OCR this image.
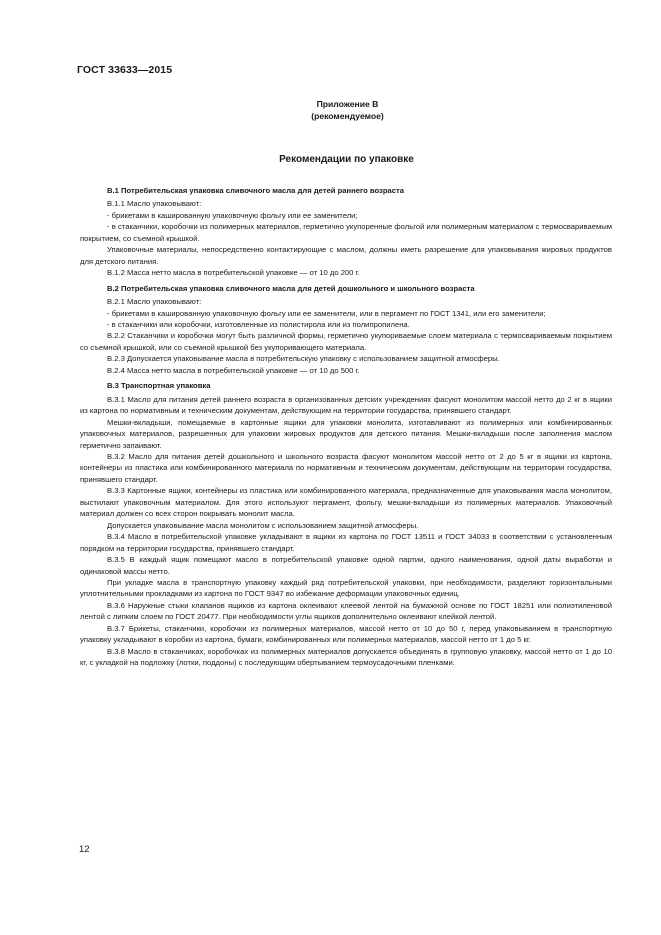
ГОСТ 33633—2015
Приложение В
(рекомендуемое)
Рекомендации по упаковке
В.1 Потребительская упаковка сливочного масла для детей раннего возраста

В.1.1 Масло упаковывают:

- брикетами в кашированную упаковочную фольгу или ее заменители;

- в стаканчики, коробочки из полимерных материалов, герметично укупоренные фольгой или полимерным материалом с термосвариваемым покрытием, со съемной крышкой.

Упаковочные материалы, непосредственно контактирующие с маслом, должны иметь разрешение для упаковывания жировых продуктов для детского питания.

В.1.2 Масса нетто масла в потребительской упаковке — от 10 до 200 г.

В.2 Потребительская упаковка сливочного масла для детей дошкольного и школьного возраста

В.2.1 Масло упаковывают:

- брикетами в кашированную упаковочную фольгу или ее заменители, или в пергамент по ГОСТ 1341, или его заменители;

- в стаканчики или коробочки, изготовленные из полистирола или из полипропилена.

В.2.2 Стаканчики и коробочки могут быть различной формы, герметично укупориваемые слоем материала с термосвариваемым покрытием со съемной крышкой, или со съемной крышкой без укупоривающего материала.

В.2.3 Допускается упаковывание масла в потребительскую упаковку с использованием защитной атмосферы.

В.2.4 Масса нетто масла в потребительской упаковке — от 10 до 500 г.

В.3 Транспортная упаковка

В.3.1 Масло для питания детей раннего возраста в организованных детских учреждениях фасуют монолитом массой нетто до 2 кг в ящики из картона по нормативным и техническим документам, действующим на территории государства, принявшего стандарт.

Мешки-вкладыши, помещаемые в картонные ящики для упаковки монолита, изготавливают из полимерных или комбинированных упаковочных материалов, разрешенных для упаковки жировых продуктов для детского питания. Мешки-вкладыши после заполнения маслом герметично запаивают.

В.3.2 Масло для питания детей дошкольного и школьного возраста фасуют монолитом массой нетто от 2 до 5 кг в ящики из картона, контейнеры из пластика или комбинированного материала по нормативным и техническим документам, действующим на территории государства, принявшего стандарт.

В.3.3 Картонные ящики, контейнеры из пластика или комбинированного материала, предназначенные для упаковывания масла монолитом, выстилают упаковочным материалом. Для этого используют пергамент, фольгу, мешки-вкладыши из полимерных материалов. Упаковочный материал должен со всех сторон покрывать монолит масла.

Допускается упаковывание масла монолитом с использованием защитной атмосферы.

В.3.4 Масло в потребительской упаковке укладывают в ящики из картона по ГОСТ 13511 и ГОСТ 34033 в соответствии с установленным порядком на территории государства, принявшего стандарт.

В.3.5 В каждый ящик помещают масло в потребительской упаковке одной партии, одного наименования, одной даты выработки и одинаковой массы нетто.

При укладке масла в транспортную упаковку каждый ряд потребительской упаковки, при необходимости, разделяют горизонтальными уплотнительными прокладками из картона по ГОСТ 9347 во избежание деформации упаковочных единиц.

В.3.6 Наружные стыки клапанов ящиков из картона оклеивают клеевой лентой на бумажной основе по ГОСТ 18251 или полиэтиленовой лентой с липким слоем по ГОСТ 20477. При необходимости углы ящиков дополнительно оклеивают клейкой лентой.

В.3.7 Брикеты, стаканчики, коробочки из полимерных материалов, массой нетто от 10 до 50 г, перед упаковыванием в транспортную упаковку укладывают в коробки из картона, бумаги, комбинированных или полимерных материалов, массой нетто от 1 до 5 кг.

В.3.8 Масло в стаканчиках, коробочках из полимерных материалов допускается объединять в групповую упаковку, массой нетто от 1 до 10 кг, с укладкой на подложку (лотки, поддоны) с последующим обертыванием термоусадочными пленками.

12
